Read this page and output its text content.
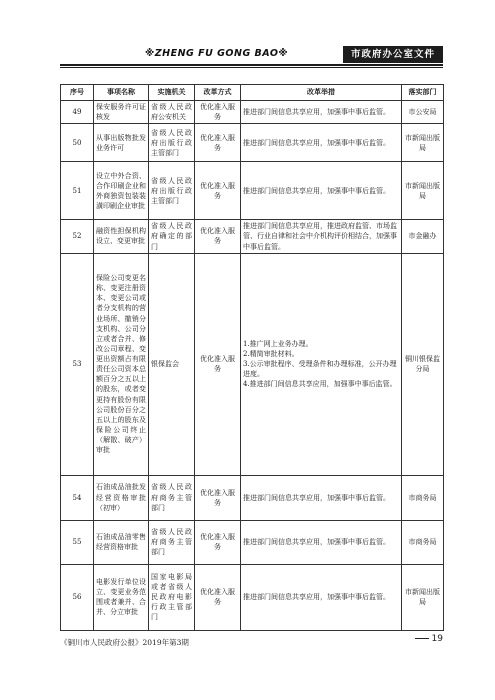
※ZHENG FU GONG BAO※	市政府办公室文件
序号	事项名称	实施机关	改革方式	改革举措	落实部门
49	保安服务许可证核发	省级人民政府公安机关	优化准入服务	推进部门间信息共享应用，加强事中事后监管。	市公安局
50	从事出版物批发业务许可	省级人民政府出版行政主管部门	优化准入服务	推进部门间信息共享应用，加强事中事后监管。	市新闻出版局
51	设立中外合资、合作印刷企业和外商独资包装装潢印刷企业审批	省级人民政府出版行政主管部门	优化准入服务	推进部门间信息共享应用，加强事中事后监管。	市新闻出版局
52	融资性担保机构设立、变更审批	省级人民政府确定的部门	优化准入服务	推进部门间信息共享应用，推进政府监管、市场监管、行业自律和社会中介机构评价相结合，加强事中事后监管。	市金融办
53	保险公司变更名称、变更注册资本、变更公司或者分支机构的营业场所、撤销分支机构、公司分立或者合并、修改公司章程、变更出资额占有限责任公司资本总额百分之五以上的股东，或者变更持有股份有限公司股份百分之五以上的股东及保险公司终止（解散、破产）审批	银保监会	优化准入服务	1.推广网上业务办理。
2.精简审批材料。
3.公示审批程序、受理条件和办理标准，公开办理进度。
4.推进部门间信息共享应用，加强事中事后监管。	铜川银保监分局
54	石油成品油批发经营资格审批（初审）	省级人民政府商务主管部门	优化准入服务	推进部门间信息共享应用，加强事中事后监管。	市商务局
55	石油成品油零售经营资格审批	省级人民政府商务主管部门	优化准入服务	推进部门间信息共享应用，加强事中事后监管。	市商务局
56	电影发行单位设立、变更业务范围或者兼并、合并、分立审批	国家电影局或者省级人民政府电影行政主管部门	优化准入服务	推进部门间信息共享应用，加强事中事后监管。	市新闻出版局
《铜川市人民政府公报》2019年第3期	19
